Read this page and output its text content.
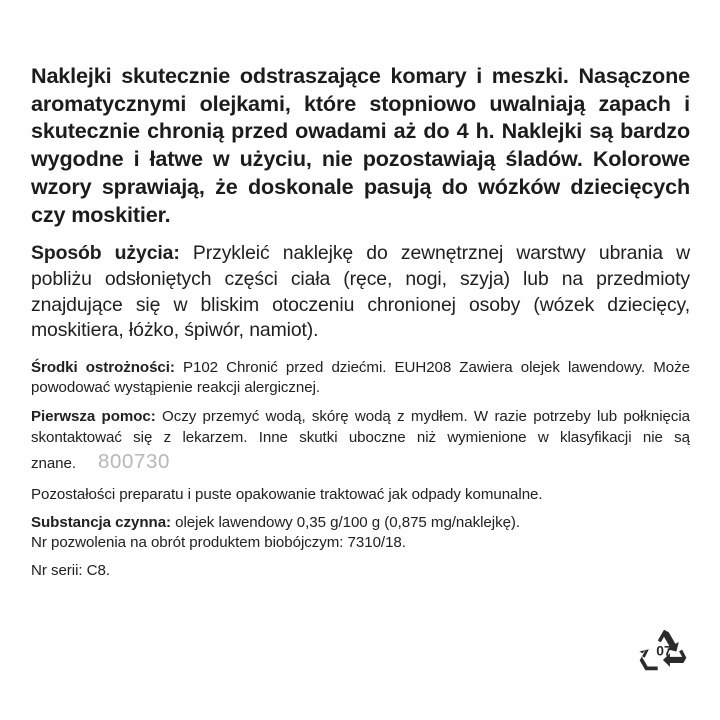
Naklejki skutecznie odstraszające komary i meszki. Nasączone aromatycznymi olejkami, które stopniowo uwalniają zapach i skutecznie chronią przed owadami aż do 4 h. Naklejki są bardzo wygodne i łatwe w użyciu, nie pozostawiają śladów. Kolorowe wzory sprawiają, że doskonale pasują do wózków dziecięcych czy moskitier.

Sposób użycia: Przykleić naklejkę do zewnętrznej warstwy ubrania w pobliżu odsłoniętych części ciała (ręce, nogi, szyja) lub na przedmioty znajdujące się w bliskim otoczeniu chronionej osoby (wózek dziecięcy, moskitiera, łóżko, śpiwór, namiot).

Środki ostrożności: P102 Chronić przed dziećmi. EUH208 Zawiera olejek lawendowy. Może powodować wystąpienie reakcji alergicznej.

Pierwsza pomoc: Oczy przemyć wodą, skórę wodą z mydłem. W razie potrzeby lub połknięcia skontaktować się z lekarzem. Inne skutki uboczne niż wymienione w klasyfikacji nie są znane. 800730

Pozostałości preparatu i puste opakowanie traktować jak odpady komunalne.

Substancja czynna: olejek lawendowy 0,35 g/100 g (0,875 mg/naklejkę).
Nr pozwolenia na obrót produktem biobójczym: 7310/18.

Nr serii: C8.

07
